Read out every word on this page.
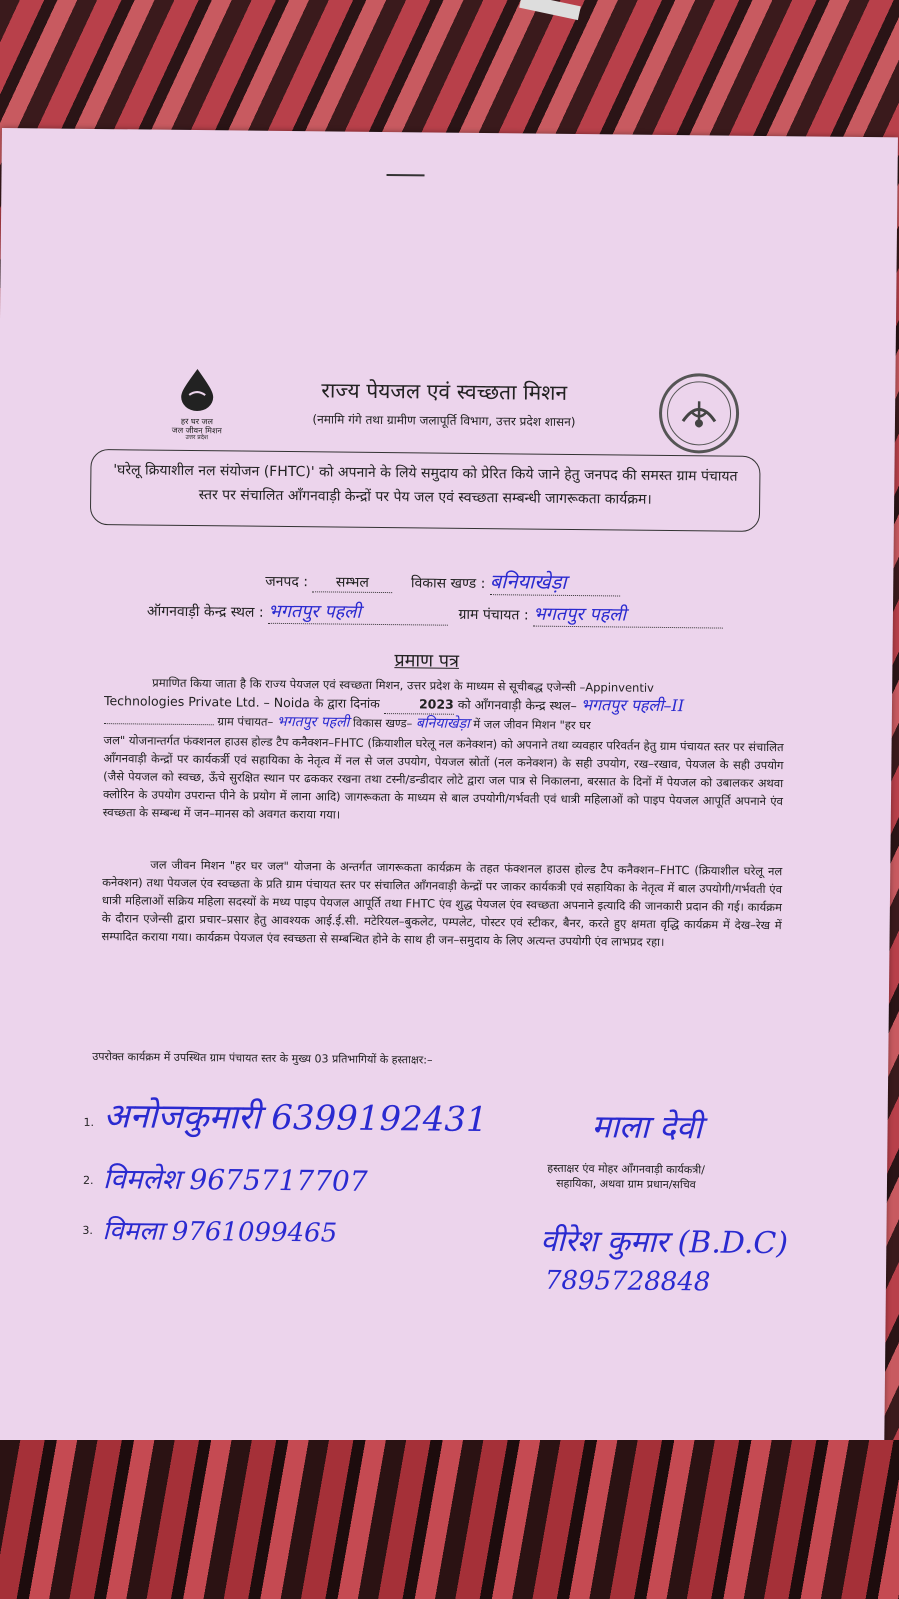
हर घर जल
जल जीवन मिशन
उत्तर प्रदेश
राज्य पेयजल एवं स्वच्छता मिशन
(नमामि गंगे तथा ग्रामीण जलापूर्ति विभाग, उत्तर प्रदेश शासन)
'घरेलू क्रियाशील नल संयोजन (FHTC)' को अपनाने के लिये समुदाय को प्रेरित किये जाने हेतु जनपद की समस्त ग्राम पंचायत स्तर पर संचालित आँगनवाड़ी केन्द्रों पर पेय जल एवं स्वच्छता सम्बन्धी जागरूकता कार्यक्रम।
जनपद : सम्भल	विकास खण्ड : बनियाखेड़ा
ऑगनवाड़ी केन्द्र स्थल : भगतपुर पहली	ग्राम पंचायत : भगतपुर पहली
प्रमाण पत्र
प्रमाणित किया जाता है कि राज्य पेयजल एवं स्वच्छता मिशन, उत्तर प्रदेश के माध्यम से सूचीबद्ध एजेन्सी –Appinventiv
Technologies Private Ltd. – Noida के द्वारा दिनांक	2023 को आँगनवाड़ी केन्द्र स्थल– भगतपुर पहली–II
ग्राम पंचायत– भगतपुर पहली विकास खण्ड– बनियाखेड़ा में जल जीवन मिशन "हर घर
जल" योजनान्तर्गत फंक्शनल हाउस होल्ड टैप कनैक्शन–FHTC (क्रियाशील घरेलू नल कनेक्शन) को अपनाने तथा व्यवहार परिवर्तन हेतु ग्राम पंचायत स्तर पर संचालित आँगनवाड़ी केन्द्रों पर कार्यकर्त्री एवं सहायिका के नेतृत्व में नल से जल उपयोग, पेयजल स्रोतों (नल कनेक्शन) के सही उपयोग, रख–रखाव, पेयजल के सही उपयोग (जैसे पेयजल को स्वच्छ, ऊँचे सुरक्षित स्थान पर ढककर रखना तथा टस्नी/डन्डीदार लोटे द्वारा जल पात्र से निकालना, बरसात के दिनों में पेयजल को उबालकर अथवा क्लोरिन के उपयोग उपरान्त पीने के प्रयोग में लाना आदि) जागरूकता के माध्यम से बाल उपयोगी/गर्भवती एवं धात्री महिलाओं को पाइप पेयजल आपूर्ति अपनाने एंव स्वच्छता के सम्बन्ध में जन–मानस को अवगत कराया गया।
जल जीवन मिशन "हर घर जल" योजना के अन्तर्गत जागरूकता कार्यक्रम के तहत फंक्शनल हाउस होल्ड टैप कनैक्शन–FHTC (क्रियाशील घरेलू नल कनेक्शन) तथा पेयजल एंव स्वच्छता के प्रति ग्राम पंचायत स्तर पर संचालित आँगनवाड़ी केन्द्रों पर जाकर कार्यकत्री एवं सहायिका के नेतृत्व में बाल उपयोगी/गर्भवती एंव धात्री महिलाओं सक्रिय महिला सदस्यों के मध्य पाइप पेयजल आपूर्ति तथा FHTC एंव शुद्ध पेयजल एंव स्वच्छता अपनाने इत्यादि की जानकारी प्रदान की गई। कार्यक्रम के दौरान एजेन्सी द्वारा प्रचार–प्रसार हेतु आवश्यक आई.ई.सी. मटेरियल–बुकलेट, पम्पलेट, पोस्टर एवं स्टीकर, बैनर, करते हुए क्षमता वृद्धि कार्यक्रम में देख–रेख में सम्पादित कराया गया। कार्यक्रम पेयजल एंव स्वच्छता से सम्बन्धित होने के साथ ही जन–समुदाय के लिए अत्यन्त उपयोगी एंव लाभप्रद रहा।
उपरोक्त कार्यक्रम में उपस्थित ग्राम पंचायत स्तर के मुख्य 03 प्रतिभागियों के हस्ताक्षर:–
1. अनोजकुमारी 6399192431
2. विमलेश 9675717707
3. विमला 9761099465
माला देवी
हस्ताक्षर एंव मोहर आँगनवाड़ी कार्यकत्री/सहायिका, अथवा ग्राम प्रधान/सचिव
वीरेश कुमार (B.D.C)
7895728848
